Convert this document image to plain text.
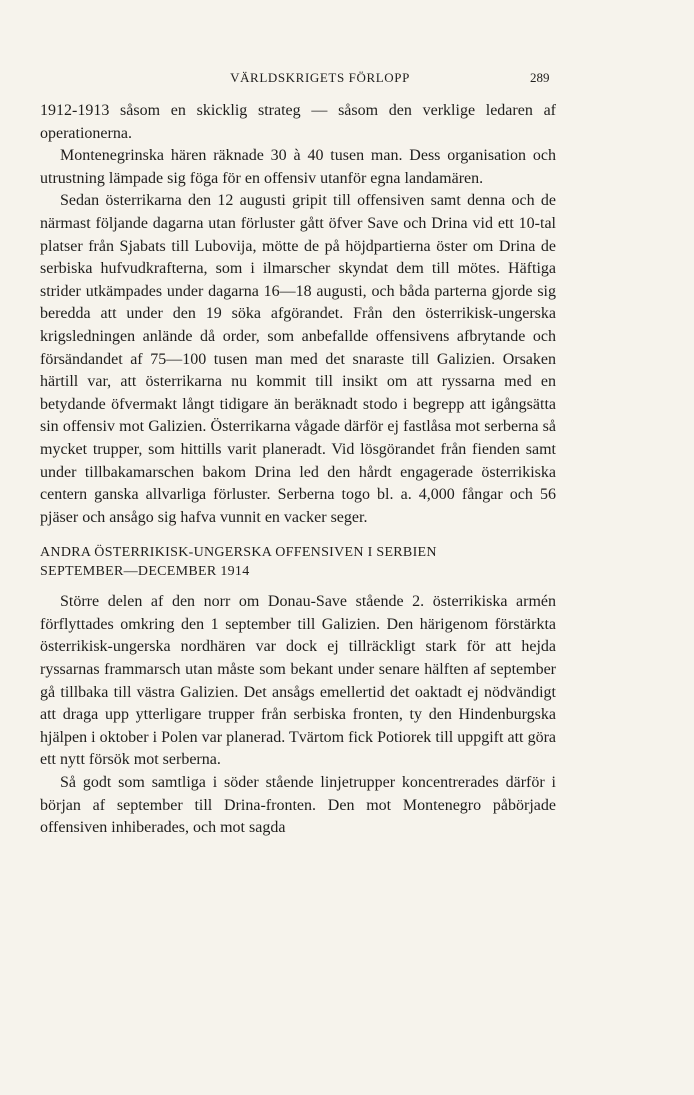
VÄRLDSKRIGETS FÖRLOPP	289

1912-1913 såsom en skicklig strateg — såsom den verklige ledaren af operationerna.

Montenegrinska hären räknade 30 à 40 tusen man. Dess organisation och utrustning lämpade sig föga för en offensiv utanför egna landamären.

Sedan österrikarna den 12 augusti gripit till offensiven samt denna och de närmast följande dagarna utan förluster gått öfver Save och Drina vid ett 10-tal platser från Sjabats till Lubovija, mötte de på höjdpartierna öster om Drina de serbiska hufvudkrafterna, som i ilmarscher skyndat dem till mötes. Häftiga strider utkämpades under dagarna 16—18 augusti, och båda parterna gjorde sig beredda att under den 19 söka afgörandet. Från den österrikisk-ungerska krigsledningen anlände då order, som anbefallde offensivens afbrytande och försändandet af 75—100 tusen man med det snaraste till Galizien. Orsaken härtill var, att österrikarna nu kommit till insikt om att ryssarna med en betydande öfvermakt långt tidigare än beräknadt stodo i begrepp att igångsätta sin offensiv mot Galizien. Österrikarna vågade därför ej fastlåsa mot serberna så mycket trupper, som hittills varit planeradt. Vid lösgörandet från fienden samt under tillbakamarschen bakom Drina led den hårdt engagerade österrikiska centern ganska allvarliga förluster. Serberna togo bl. a. 4,000 fångar och 56 pjäser och ansågo sig hafva vunnit en vacker seger.

ANDRA ÖSTERRIKISK-UNGERSKA OFFENSIVEN I SERBIEN
SEPTEMBER—DECEMBER 1914

Större delen af den norr om Donau-Save stående 2. österrikiska armén förflyttades omkring den 1 september till Galizien. Den härigenom förstärkta österrikisk-ungerska nordhären var dock ej tillräckligt stark för att hejda ryssarnas frammarsch utan måste som bekant under senare hälften af september gå tillbaka till västra Galizien. Det ansågs emellertid det oaktadt ej nödvändigt att draga upp ytterligare trupper från serbiska fronten, ty den Hindenburgska hjälpen i oktober i Polen var planerad. Tvärtom fick Potiorek till uppgift att göra ett nytt försök mot serberna.

Så godt som samtliga i söder stående linjetrupper koncentrerades därför i början af september till Drina-fronten. Den mot Montenegro påbörjade offensiven inhiberades, och mot sagda
